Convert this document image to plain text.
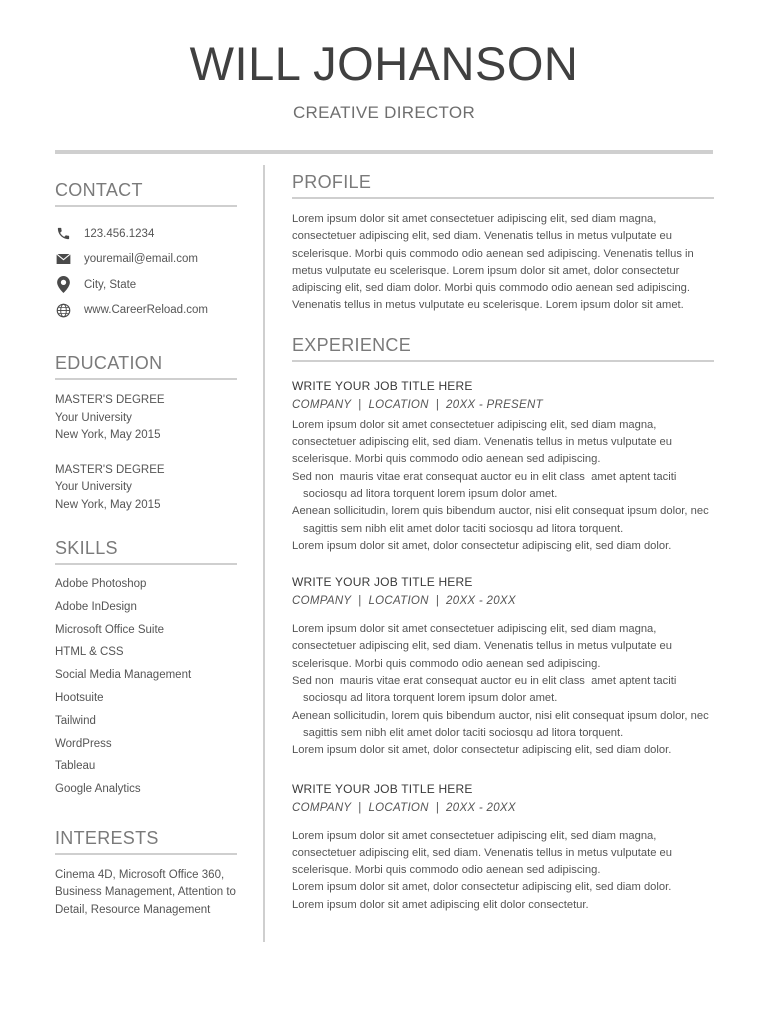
WILL JOHANSON
CREATIVE DIRECTOR
CONTACT
123.456.1234
youremail@email.com
City, State
www.CareerReload.com
EDUCATION
MASTER'S DEGREE
Your University
New York, May 2015
MASTER'S DEGREE
Your University
New York, May 2015
SKILLS
Adobe Photoshop
Adobe InDesign
Microsoft Office Suite
HTML & CSS
Social Media Management
Hootsuite
Tailwind
WordPress
Tableau
Google Analytics
INTERESTS
Cinema 4D, Microsoft Office 360, Business Management, Attention to Detail, Resource Management
PROFILE
Lorem ipsum dolor sit amet consectetuer adipiscing elit, sed diam magna, consectetuer adipiscing elit, sed diam. Venenatis tellus in metus vulputate eu scelerisque. Morbi quis commodo odio aenean sed adipiscing. Venenatis tellus in metus vulputate eu scelerisque. Lorem ipsum dolor sit amet, dolor consectetur adipiscing elit, sed diam dolor. Morbi quis commodo odio aenean sed adipiscing. Venenatis tellus in metus vulputate eu scelerisque. Lorem ipsum dolor sit amet.
EXPERIENCE
WRITE YOUR JOB TITLE HERE
COMPANY  |  LOCATION  |  20XX - PRESENT
Lorem ipsum dolor sit amet consectetuer adipiscing elit, sed diam magna, consectetuer adipiscing elit, sed diam. Venenatis tellus in metus vulputate eu scelerisque. Morbi quis commodo odio aenean sed adipiscing.
Sed non  mauris vitae erat consequat auctor eu in elit class  amet aptent taciti
sociosqu ad litora torquent lorem ipsum dolor amet.
Aenean sollicitudin, lorem quis bibendum auctor, nisi elit consequat ipsum dolor, nec
sagittis sem nibh elit amet dolor taciti sociosqu ad litora torquent.
Lorem ipsum dolor sit amet, dolor consectetur adipiscing elit, sed diam dolor.
WRITE YOUR JOB TITLE HERE
COMPANY  |  LOCATION  |  20XX - 20XX
Lorem ipsum dolor sit amet consectetuer adipiscing elit, sed diam magna, consectetuer adipiscing elit, sed diam. Venenatis tellus in metus vulputate eu scelerisque. Morbi quis commodo odio aenean sed adipiscing.
Sed non  mauris vitae erat consequat auctor eu in elit class  amet aptent taciti
sociosqu ad litora torquent lorem ipsum dolor amet.
Aenean sollicitudin, lorem quis bibendum auctor, nisi elit consequat ipsum dolor, nec
sagittis sem nibh elit amet dolor taciti sociosqu ad litora torquent.
Lorem ipsum dolor sit amet, dolor consectetur adipiscing elit, sed diam dolor.
WRITE YOUR JOB TITLE HERE
COMPANY  |  LOCATION  |  20XX - 20XX
Lorem ipsum dolor sit amet consectetuer adipiscing elit, sed diam magna, consectetuer adipiscing elit, sed diam. Venenatis tellus in metus vulputate eu scelerisque. Morbi quis commodo odio aenean sed adipiscing.
Lorem ipsum dolor sit amet, dolor consectetur adipiscing elit, sed diam dolor.
Lorem ipsum dolor sit amet adipiscing elit dolor consectetur.
